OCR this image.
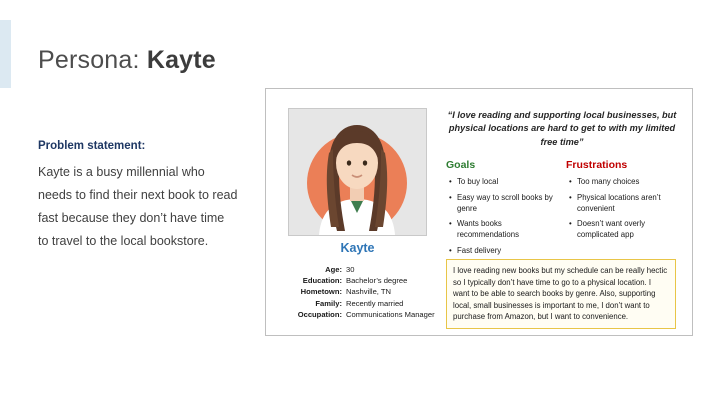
Persona: Kayte
Problem statement:
Kayte is a busy millennial who needs to find their next book to read fast because they don’t have time to travel to the local bookstore.	Kayte
Age:	30
Education:	Bachelor’s degree
Hometown:	Nashville, TN
Family:	Recently married
Occupation:	Communications Manager
“I love reading and supporting local businesses, but physical locations are hard to get to with my limited free time”
Goals
• To buy local
• Easy way to scroll books by genre
• Wants books recommendations
• Fast delivery
Frustrations
• Too many choices
• Physical locations aren’t convenient
• Doesn’t want overly complicated app
I love reading new books but my schedule can be really hectic so I typically don’t have time to go to a physical location. I want to be able to search books by genre. Also, supporting local, small businesses is important to me, I don’t want to purchase from Amazon, but I want to convenience.
